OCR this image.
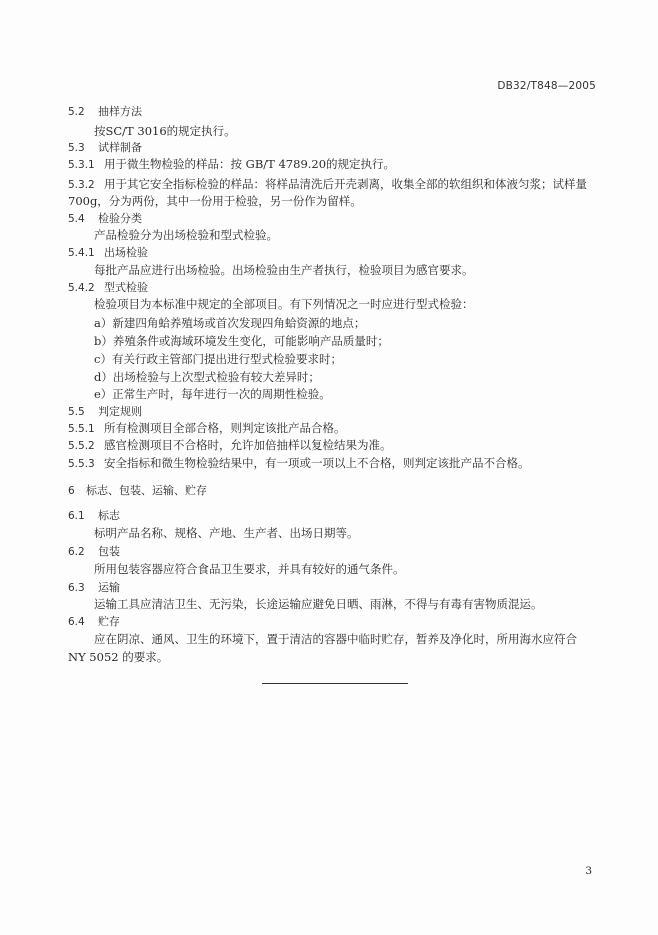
DB32/T848—2005
5.2 抽样方法
按SC/T 3016的规定执行。
5.3 试样制备
5.3.1 用于微生物检验的样品：按 GB/T 4789.20的规定执行。
5.3.2 用于其它安全指标检验的样品：将样品清洗后开壳剥离，收集全部的软组织和体液匀浆；试样量
700g，分为两份，其中一份用于检验，另一份作为留样。
5.4 检验分类
产品检验分为出场检验和型式检验。
5.4.1 出场检验
每批产品应进行出场检验。出场检验由生产者执行，检验项目为感官要求。
5.4.2 型式检验
检验项目为本标准中规定的全部项目。有下列情况之一时应进行型式检验：
a）新建四角蛤养殖场或首次发现四角蛤资源的地点；
b）养殖条件或海域环境发生变化，可能影响产品质量时；
c）有关行政主管部门提出进行型式检验要求时；
d）出场检验与上次型式检验有较大差异时；
e）正常生产时，每年进行一次的周期性检验。
5.5 判定规则
5.5.1 所有检测项目全部合格，则判定该批产品合格。
5.5.2 感官检测项目不合格时，允许加倍抽样以复检结果为准。
5.5.3 安全指标和微生物检验结果中，有一项或一项以上不合格，则判定该批产品不合格。
6 标志、包装、运输、贮存
6.1 标志
标明产品名称、规格、产地、生产者、出场日期等。
6.2 包装
所用包装容器应符合食品卫生要求，并具有较好的通气条件。
6.3 运输
运输工具应清洁卫生、无污染，长途运输应避免日晒、雨淋，不得与有毒有害物质混运。
6.4 贮存
应在阴凉、通风、卫生的环境下，置于清洁的容器中临时贮存，暂养及净化时，所用海水应符合
NY 5052 的要求。
3
